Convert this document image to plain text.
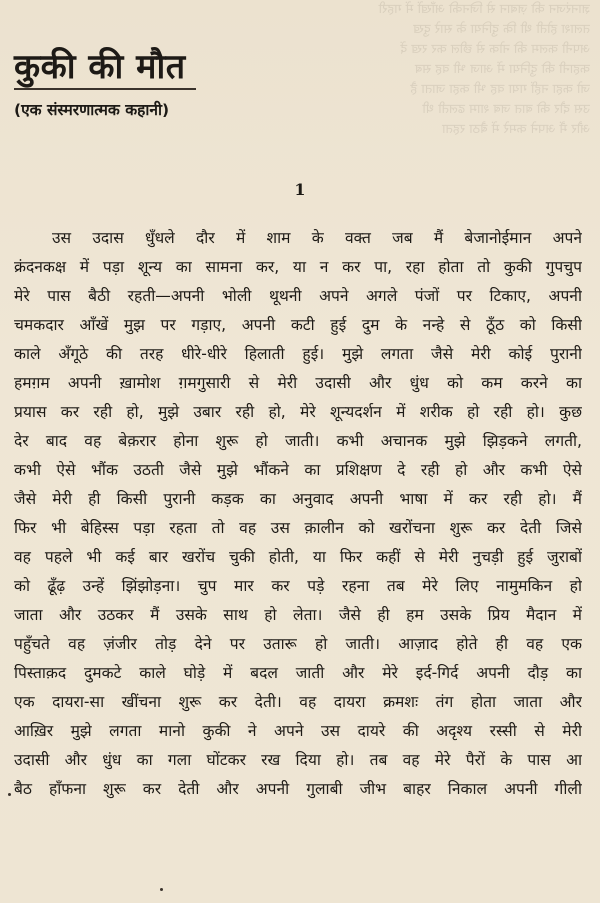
ज्ञानरंजन की ज़बान से जिनकी आँखों में गहरी
तलाश होती थी कि दुनिया के सारे दुख
अपनी कलम की नोक से छील कर रख दें
कहानी की दुनिया में आज भी वह सब
जो कहा नहीं गया वह भी कहा जाता है
उस दौर की बात जब शाम ढलती थी
और मैं अपने कमरे में बैठा रहता
कुकी की मौत
(एक संस्मरणात्मक कहानी)
1
उस उदास धुँधले दौर में शाम के वक्त जब मैं बेजानोईमान अपने
क्रंदनकक्ष में पड़ा शून्य का सामना कर, या न कर पा, रहा होता तो कुकी गुपचुप
मेरे पास बैठी रहती—अपनी भोली थूथनी अपने अगले पंजों पर टिकाए, अपनी
चमकदार आँखें मुझ पर गड़ाए, अपनी कटी हुई दुम के नन्हे से ठूँठ को किसी
काले अँगूठे की तरह धीरे-धीरे हिलाती हुई। मुझे लगता जैसे मेरी कोई पुरानी
हमग़म अपनी ख़ामोश ग़मगुसारी से मेरी उदासी और धुंध को कम करने का
प्रयास कर रही हो, मुझे उबार रही हो, मेरे शून्यदर्शन में शरीक हो रही हो। कुछ
देर बाद वह बेक़रार होना शुरू हो जाती। कभी अचानक मुझे झिड़कने लगती,
कभी ऐसे भौंक उठती जैसे मुझे भौंकने का प्रशिक्षण दे रही हो और कभी ऐसे
जैसे मेरी ही किसी पुरानी कड़क का अनुवाद अपनी भाषा में कर रही हो। मैं
फिर भी बेहिस्स पड़ा रहता तो वह उस क़ालीन को खरोंचना शुरू कर देती जिसे
वह पहले भी कई बार खरोंच चुकी होती, या फिर कहीं से मेरी नुचड़ी हुई जुराबों
को ढूँढ़ उन्हें झिंझोड़ना। चुप मार कर पड़े रहना तब मेरे लिए नामुमकिन हो
जाता और उठकर मैं उसके साथ हो लेता। जैसे ही हम उसके प्रिय मैदान में
पहुँचते वह ज़ंजीर तोड़ देने पर उतारू हो जाती। आज़ाद होते ही वह एक
पिस्ताक़द दुमकटे काले घोड़े में बदल जाती और मेरे इर्द-गिर्द अपनी दौड़ का
एक दायरा-सा खींचना शुरू कर देती। वह दायरा क्रमशः तंग होता जाता और
आख़िर मुझे लगता मानो कुकी ने अपने उस दायरे की अदृश्य रस्सी से मेरी
उदासी और धुंध का गला घोंटकर रख दिया हो। तब वह मेरे पैरों के पास आ
बैठ हाँफना शुरू कर देती और अपनी गुलाबी जीभ बाहर निकाल अपनी गीली
